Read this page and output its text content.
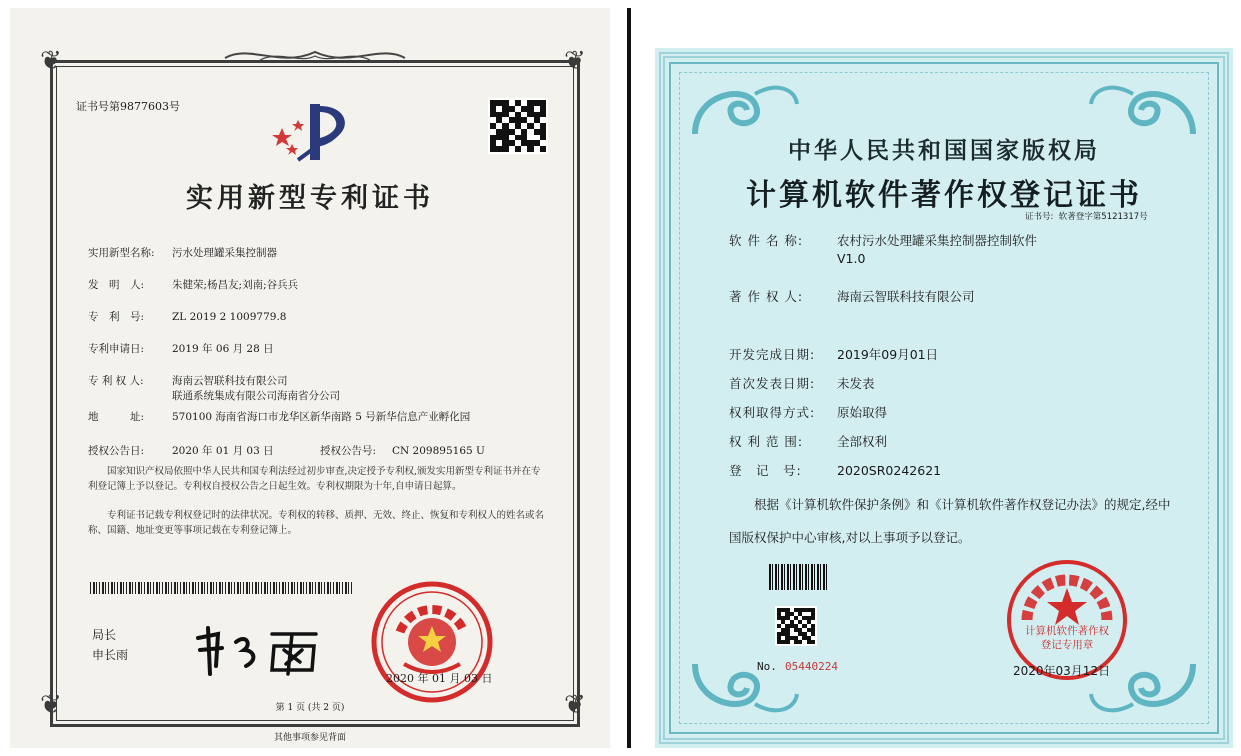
❦	❦
❦	❦
证书号第9877603号
实用新型专利证书
实用新型名称: 污水处理罐采集控制器
发　明　人:	朱健荣;杨昌友;刘南;谷兵兵
专　利　号:	ZL 2019 2 1009779.8
专利申请日:	2019 年 06 月 28 日
专 利 权 人:	海南云智联科技有限公司
联通系统集成有限公司海南省分公司
地　　　址:	570100 海南省海口市龙华区新华南路 5 号新华信息产业孵化园
授权公告日:	2020 年 01 月 03 日	授权公告号: CN 209895165 U
国家知识产权局依照中华人民共和国专利法经过初步审查,决定授予专利权,颁发实用新型专利证书并在专利登记簿上予以登记。专利权自授权公告之日起生效。专利权期限为十年,自申请日起算。
专利证书记载专利权登记时的法律状况。专利权的转移、质押、无效、终止、恢复和专利权人的姓名或名称、国籍、地址变更等事项记载在专利登记簿上。
局长
申长雨
2020 年 01 月 03 日
第 1 页 (共 2 页)
其他事项参见背面
中华人民共和国国家版权局
计算机软件著作权登记证书
证书号: 软著登字第5121317号
软 件 名 称:	农村污水处理罐采集控制器控制软件
V1.0
著 作 权 人:	海南云智联科技有限公司
开发完成日期: 2019年09月01日
首次发表日期: 未发表
权利取得方式: 原始取得
权 利 范 围:	全部权利
登　记　号:	2020SR0242621
根据《计算机软件保护条例》和《计算机软件著作权登记办法》的规定,经中国版权保护中心审核,对以上事项予以登记。
No. 05440224
计算机软件著作权
登记专用章
2020年03月12日
